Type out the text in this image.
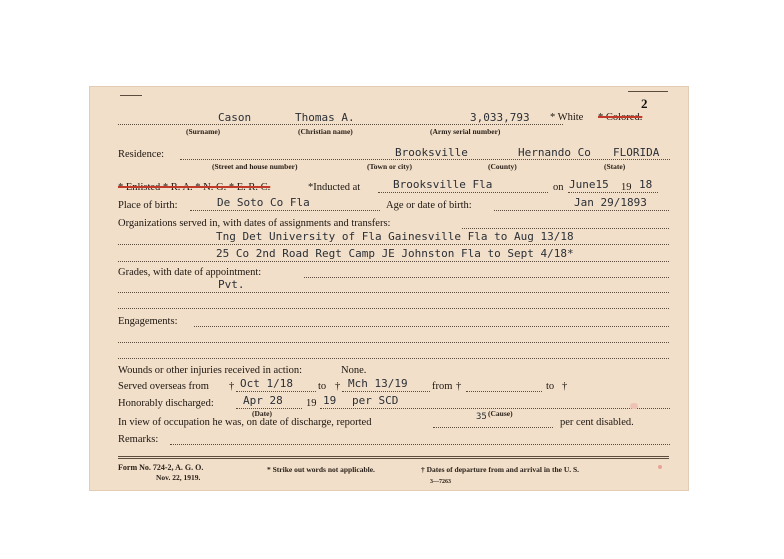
2
Cason	Thomas A.	3,033,793 * White * Colored.
(Surname)	(Christian name)	(Army serial number)
Residence:	Brooksville	Hernando Co FLORIDA
(Street and house number)	(Town or city)	(County)	(State)
* Enlisted * R. A. * N. G. * E. R. C.	*Inducted at	Brooksville Fla	on June15 19 18
Place of birth:	De Soto Co Fla	Age or date of birth:	Jan 29/1893
Organizations served in, with dates of assignments and transfers:
Tng Det University of Fla Gainesville Fla to Aug 13/18
25 Co 2nd Road Regt Camp JE Johnston Fla to Sept 4/18*
Grades, with date of appointment:
Pvt.
Engagements:
Wounds or other injuries received in action:	None.
Served overseas from † Oct 1/18 to † Mch 13/19 from †	to †
Honorably discharged:	Apr 28 19 19 per SCD
(Date)	(Cause)
In view of occupation he was, on date of discharge, reported	35	per cent disabled.
Remarks:
Form No. 724-2, A. G. O.
Nov. 22, 1919.
* Strike out words not applicable.	† Dates of departure from and arrival in the U. S.
3—7263
